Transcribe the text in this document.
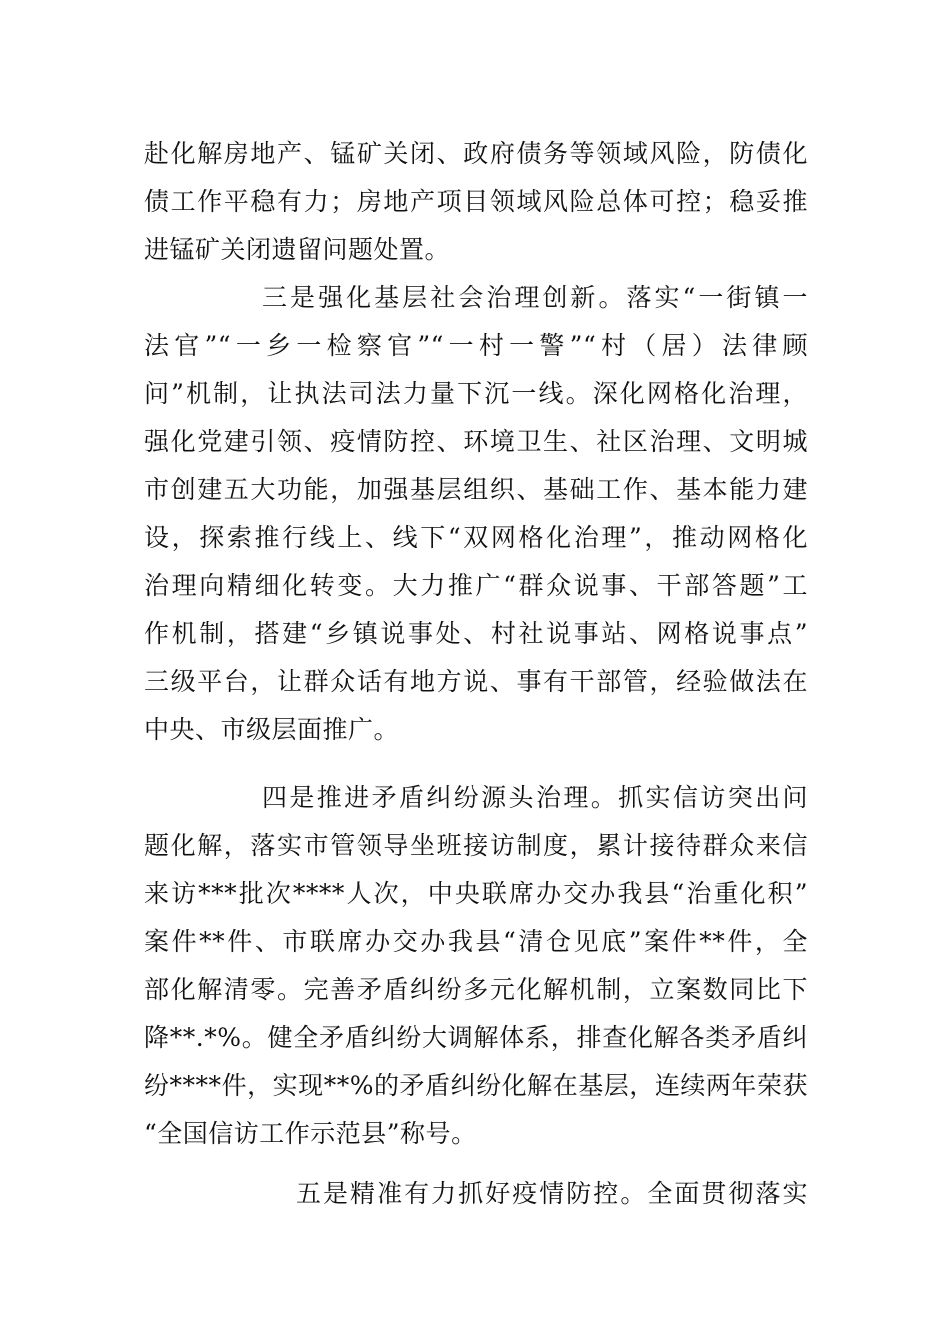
赴化解房地产、锰矿关闭、政府债务等领域风险，防债化
债工作平稳有力；房地产项目领域风险总体可控；稳妥推
进锰矿关闭遗留问题处置。
三是强化基层社会治理创新。落实“一街镇一
法官”“一乡一检察官”“一村一警”“村（居）法律顾
问”机制，让执法司法力量下沉一线。深化网格化治理，
强化党建引领、疫情防控、环境卫生、社区治理、文明城
市创建五大功能，加强基层组织、基础工作、基本能力建
设，探索推行线上、线下“双网格化治理”，推动网格化
治理向精细化转变。大力推广“群众说事、干部答题”工
作机制，搭建“乡镇说事处、村社说事站、网格说事点”
三级平台，让群众话有地方说、事有干部管，经验做法在
中央、市级层面推广。
四是推进矛盾纠纷源头治理。抓实信访突出问
题化解，落实市管领导坐班接访制度，累计接待群众来信
来访***批次****人次，中央联席办交办我县“治重化积”
案件**件、市联席办交办我县“清仓见底”案件**件，全
部化解清零。完善矛盾纠纷多元化解机制，立案数同比下
降**.*%。健全矛盾纠纷大调解体系，排查化解各类矛盾纠
纷****件，实现**%的矛盾纠纷化解在基层，连续两年荣获
“全国信访工作示范县”称号。
五是精准有力抓好疫情防控。全面贯彻落实
